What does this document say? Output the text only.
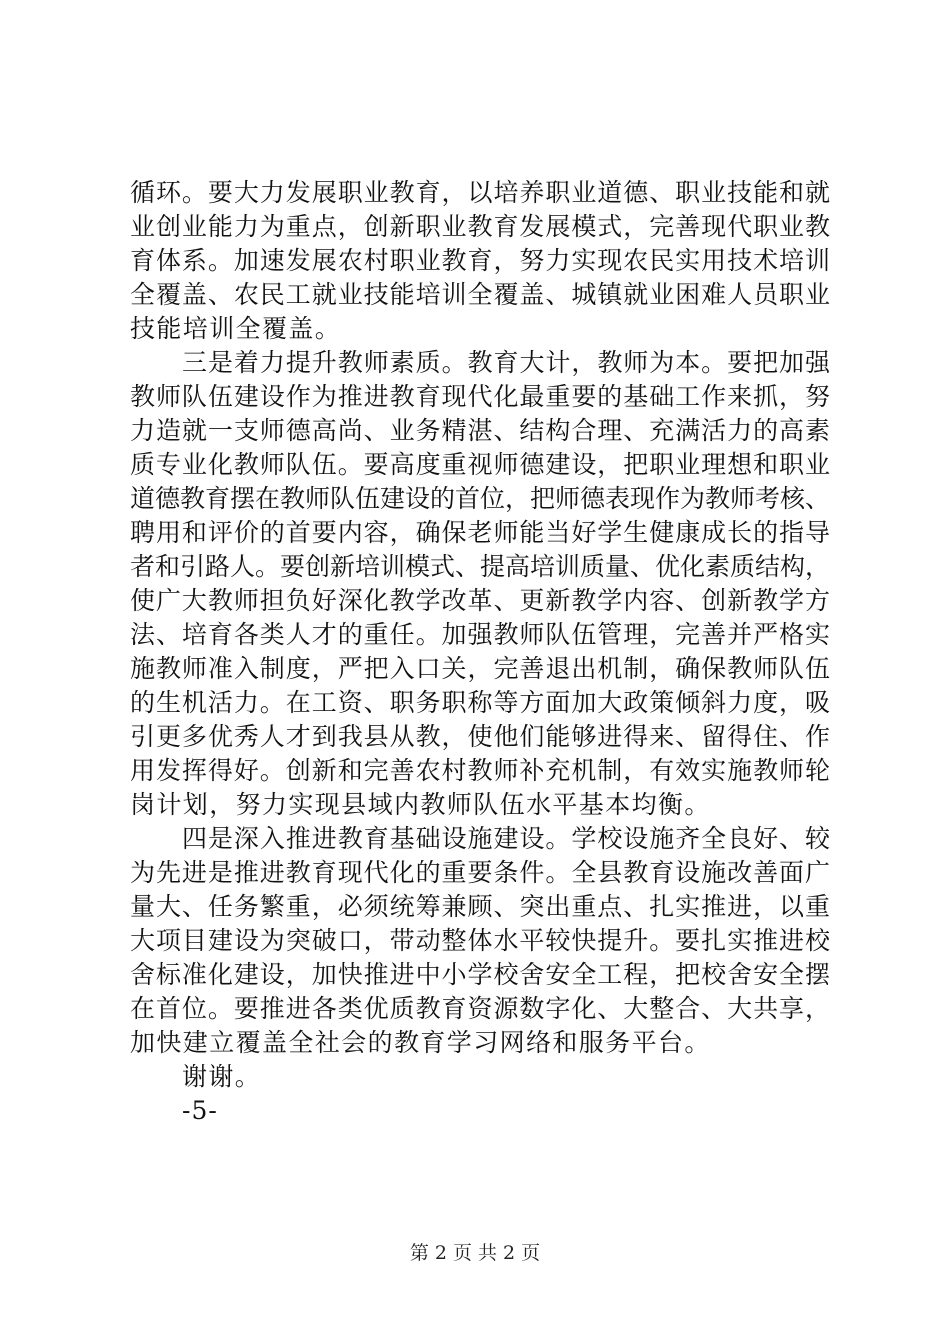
循环。要大力发展职业教育，以培养职业道德、职业技能和就
业创业能力为重点，创新职业教育发展模式，完善现代职业教
育体系。加速发展农村职业教育，努力实现农民实用技术培训
全覆盖、农民工就业技能培训全覆盖、城镇就业困难人员职业
技能培训全覆盖。
三是着力提升教师素质。教育大计，教师为本。要把加强
教师队伍建设作为推进教育现代化最重要的基础工作来抓，努
力造就一支师德高尚、业务精湛、结构合理、充满活力的高素
质专业化教师队伍。要高度重视师德建设，把职业理想和职业
道德教育摆在教师队伍建设的首位，把师德表现作为教师考核、
聘用和评价的首要内容，确保老师能当好学生健康成长的指导
者和引路人。要创新培训模式、提高培训质量、优化素质结构，
使广大教师担负好深化教学改革、更新教学内容、创新教学方
法、培育各类人才的重任。加强教师队伍管理，完善并严格实
施教师准入制度，严把入口关，完善退出机制，确保教师队伍
的生机活力。在工资、职务职称等方面加大政策倾斜力度，吸
引更多优秀人才到我县从教，使他们能够进得来、留得住、作
用发挥得好。创新和完善农村教师补充机制，有效实施教师轮
岗计划，努力实现县域内教师队伍水平基本均衡。
四是深入推进教育基础设施建设。学校设施齐全良好、较
为先进是推进教育现代化的重要条件。全县教育设施改善面广
量大、任务繁重，必须统筹兼顾、突出重点、扎实推进，以重
大项目建设为突破口，带动整体水平较快提升。要扎实推进校
舍标准化建设，加快推进中小学校舍安全工程，把校舍安全摆
在首位。要推进各类优质教育资源数字化、大整合、大共享，
加快建立覆盖全社会的教育学习网络和服务平台。
谢谢。
-5-
第 2 页 共 2 页
